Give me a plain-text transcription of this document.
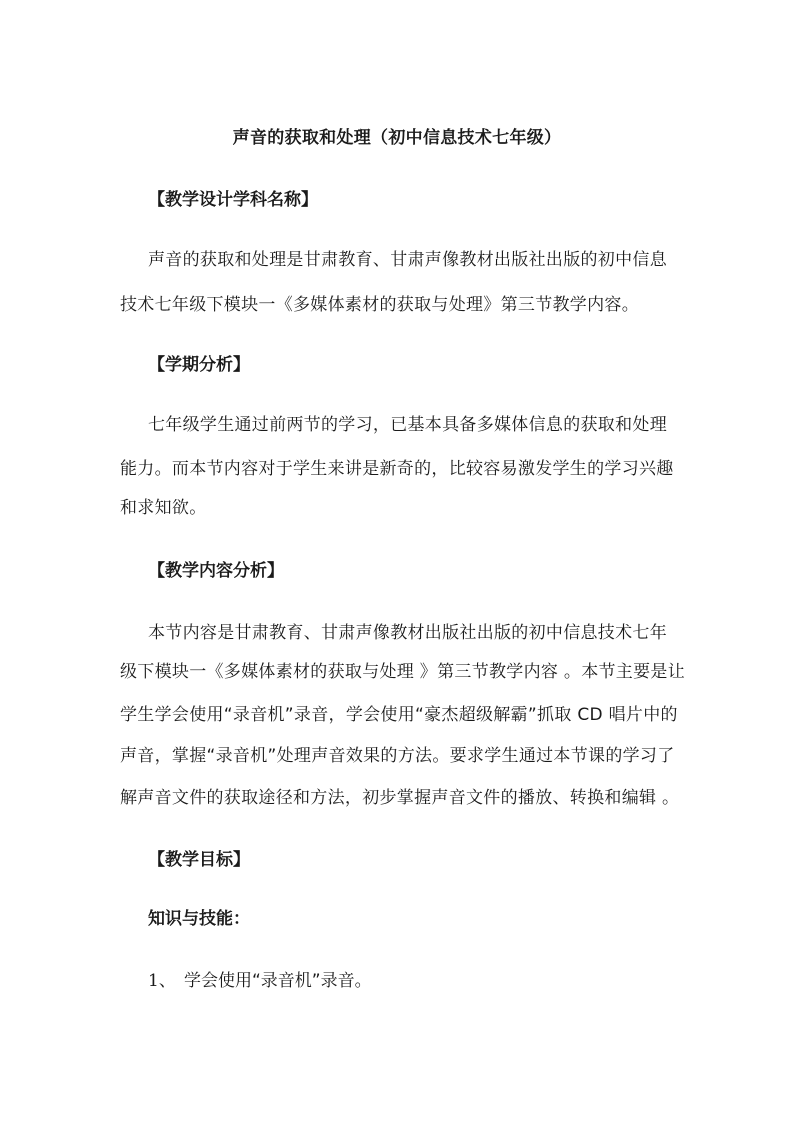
声音的获取和处理（初中信息技术七年级）
【教学设计学科名称】
声音的获取和处理是甘肃教育、甘肃声像教材出版社出版的初中信息
技术七年级下模块一《多媒体素材的获取与处理》第三节教学内容。
【学期分析】
七年级学生通过前两节的学习，已基本具备多媒体信息的获取和处理
能力。而本节内容对于学生来讲是新奇的，比较容易激发学生的学习兴趣
和求知欲。
【教学内容分析】
本节内容是甘肃教育、甘肃声像教材出版社出版的初中信息技术七年
级下模块一《多媒体素材的获取与处理 》第三节教学内容 。本节主要是让
学生学会使用“录音机”录音，学会使用“豪杰超级解霸”抓取 CD 唱片中的
声音，掌握“录音机”处理声音效果的方法。要求学生通过本节课的学习了
解声音文件的获取途径和方法，初步掌握声音文件的播放、转换和编辑 。
【教学目标】
知识与技能：
1、 学会使用“录音机”录音。
